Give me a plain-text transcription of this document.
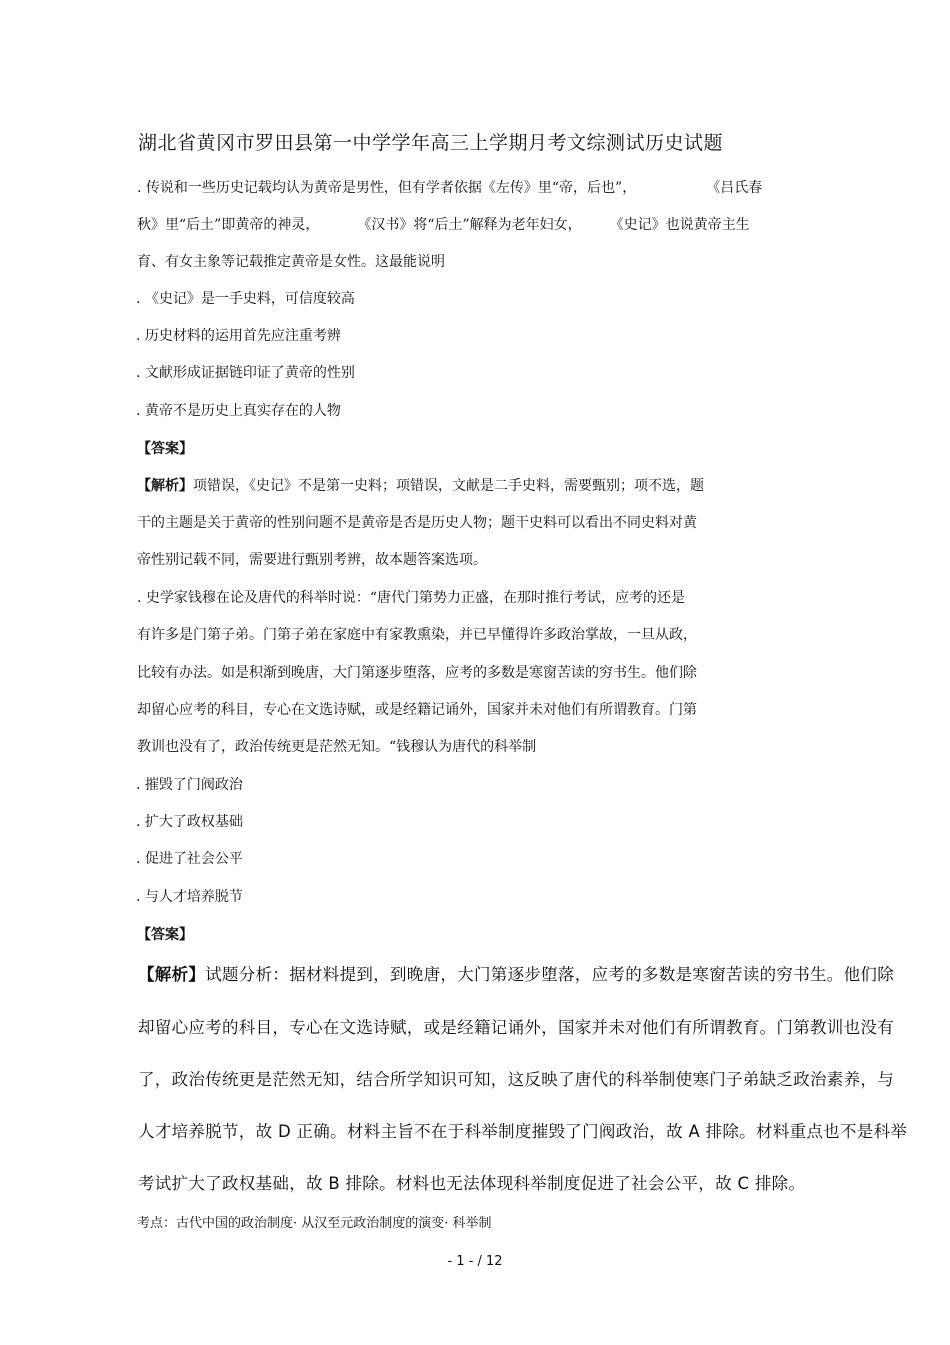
湖北省黄冈市罗田县第一中学学年高三上学期月考文综测试历史试题
. 传说和一些历史记载均认为黄帝是男性，但有学者依据《左传》里“帝，后也”，	《吕氏春
秋》里“后土”即黄帝的神灵，	《汉书》将“后土”解释为老年妇女， 《史记》也说黄帝主生
育、有女主象等记载推定黄帝是女性。这最能说明
. 《史记》是一手史料，可信度较高
. 历史材料的运用首先应注重考辨
. 文献形成证据链印证了黄帝的性别
. 黄帝不是历史上真实存在的人物
【答案】
【解析】项错误，《史记》不是第一史料；项错误，文献是二手史料，需要甄别；项不选，题
干的主题是关于黄帝的性别问题不是黄帝是否是历史人物；题干史料可以看出不同史料对黄
帝性别记载不同，需要进行甄别考辨，故本题答案选项。
. 史学家钱穆在论及唐代的科举时说：“唐代门第势力正盛，在那时推行考试，应考的还是
有许多是门第子弟。门第子弟在家庭中有家教熏染，并已早懂得许多政治掌故，一旦从政，
比较有办法。如是积渐到晚唐，大门第逐步堕落，应考的多数是寒窗苦读的穷书生。他们除
却留心应考的科目，专心在文选诗赋，或是经籍记诵外，国家并未对他们有所谓教育。门第
教训也没有了，政治传统更是茫然无知。“钱穆认为唐代的科举制
. 摧毁了门阀政治
. 扩大了政权基础
. 促进了社会公平
. 与人才培养脱节
【答案】
【解析】试题分析：据材料提到，到晚唐，大门第逐步堕落，应考的多数是寒窗苦读的穷书生。他们除
却留心应考的科目，专心在文选诗赋，或是经籍记诵外，国家并未对他们有所谓教育。门第教训也没有
了，政治传统更是茫然无知，结合所学知识可知，这反映了唐代的科举制使寒门子弟缺乏政治素养，与
人才培养脱节，故 D 正确。材料主旨不在于科举制度摧毁了门阀政治，故 A 排除。材料重点也不是科举
考试扩大了政权基础，故 B 排除。材料也无法体现科举制度促进了社会公平，故 C 排除。
考点：古代中国的政治制度· 从汉至元政治制度的演变· 科举制
- 1 - / 12
